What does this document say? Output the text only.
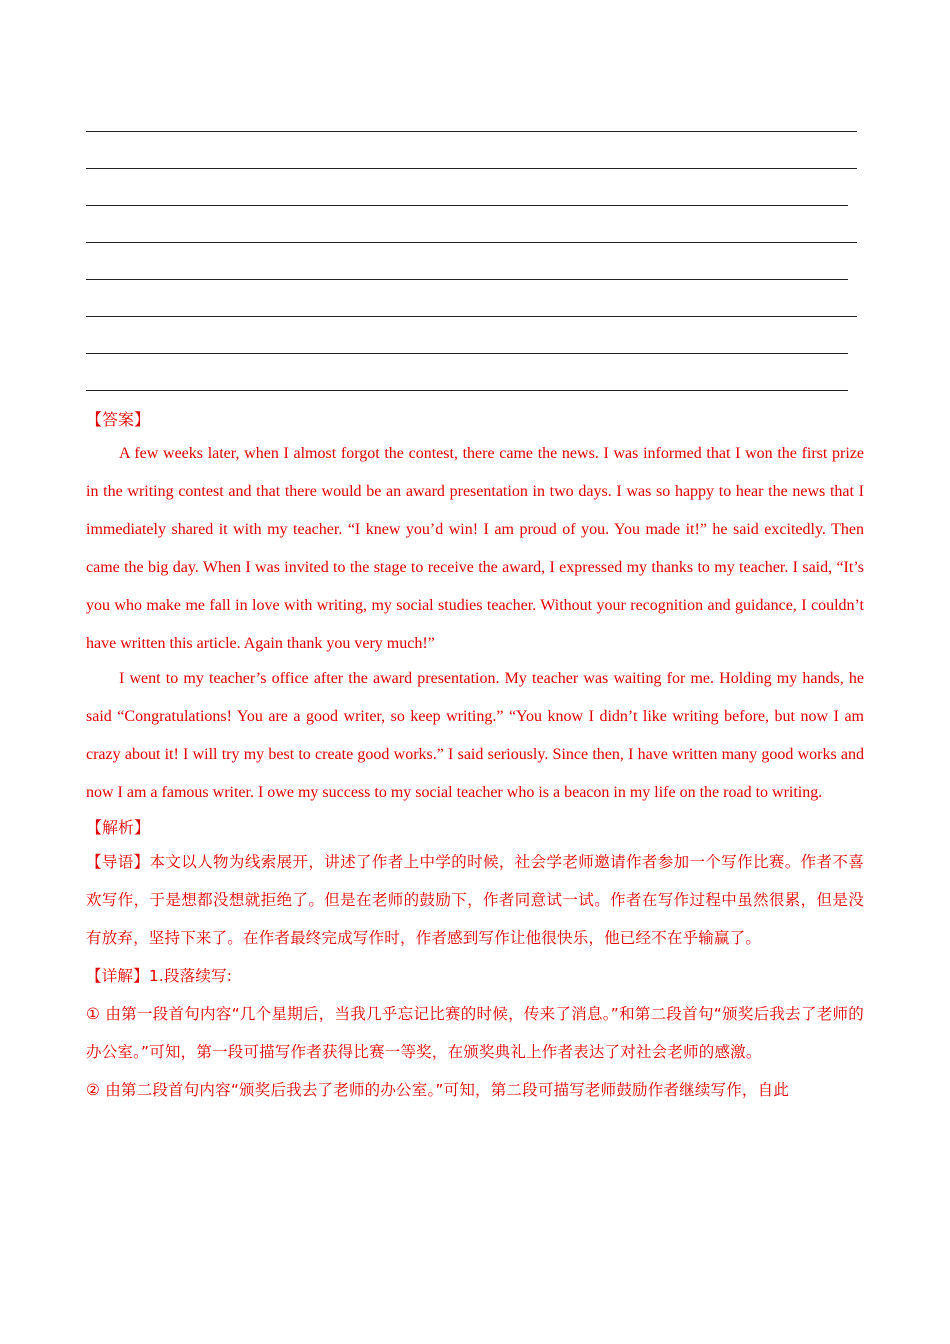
【答案】

A few weeks later, when I almost forgot the contest, there came the news. I was informed that I won the first prize in the writing contest and that there would be an award presentation in two days. I was so happy to hear the news that I immediately shared it with my teacher. “I knew you’d win! I am proud of you. You made it!” he said excitedly. Then came the big day. When I was invited to the stage to receive the award, I expressed my thanks to my teacher. I said, “It’s you who make me fall in love with writing, my social studies teacher. Without your recognition and guidance, I couldn’t have written this article. Again thank you very much!”

I went to my teacher’s office after the award presentation. My teacher was waiting for me. Holding my hands, he said “Congratulations! You are a good writer, so keep writing.” “You know I didn’t like writing before, but now I am crazy about it! I will try my best to create good works.” I said seriously. Since then, I have written many good works and now I am a famous writer. I owe my success to my social teacher who is a beacon in my life on the road to writing.

【解析】

【导语】本文以人物为线索展开，讲述了作者上中学的时候，社会学老师邀请作者参加一个写作比赛。作者不喜欢写作，于是想都没想就拒绝了。但是在老师的鼓励下，作者同意试一试。作者在写作过程中虽然很累，但是没有放弃，坚持下来了。在作者最终完成写作时，作者感到写作让他很快乐，他已经不在乎输赢了。

【详解】1.段落续写:

① 由第一段首句内容“几个星期后，当我几乎忘记比赛的时候，传来了消息。”和第二段首句“颁奖后我去了老师的办公室。”可知，第一段可描写作者获得比赛一等奖，在颁奖典礼上作者表达了对社会老师的感激。

② 由第二段首句内容“颁奖后我去了老师的办公室。”可知，第二段可描写老师鼓励作者继续写作，自此
